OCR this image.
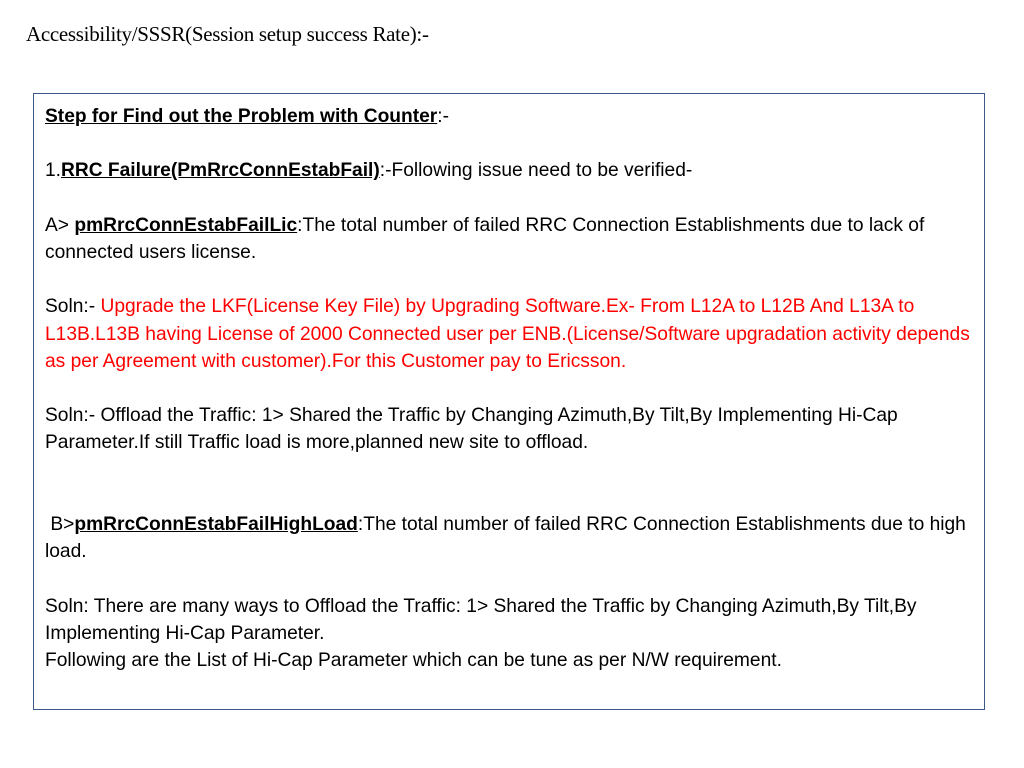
Accessibility/SSSR(Session setup success Rate):-

Step for Find out the Problem with Counter:-

1.RRC Failure(PmRrcConnEstabFail):-Following issue need to be verified-

A> pmRrcConnEstabFailLic:The total number of failed RRC Connection Establishments due to lack of connected users license.

Soln:- Upgrade the LKF(License Key File) by Upgrading Software.Ex- From L12A to L12B And L13A to L13B.L13B having License of 2000 Connected user per ENB.(License/Software upgradation activity depends as per Agreement with customer).For this Customer pay to Ericsson.

Soln:- Offload the Traffic: 1> Shared the Traffic by Changing Azimuth,By Tilt,By Implementing Hi-Cap Parameter.If still Traffic load is more,planned new site to offload.

B>pmRrcConnEstabFailHighLoad:The total number of failed RRC Connection Establishments due to high load.

Soln: There are many ways to Offload the Traffic: 1> Shared the Traffic by Changing Azimuth,By Tilt,By Implementing Hi-Cap Parameter.

Following are the List of Hi-Cap Parameter which can be tune as per N/W requirement.
